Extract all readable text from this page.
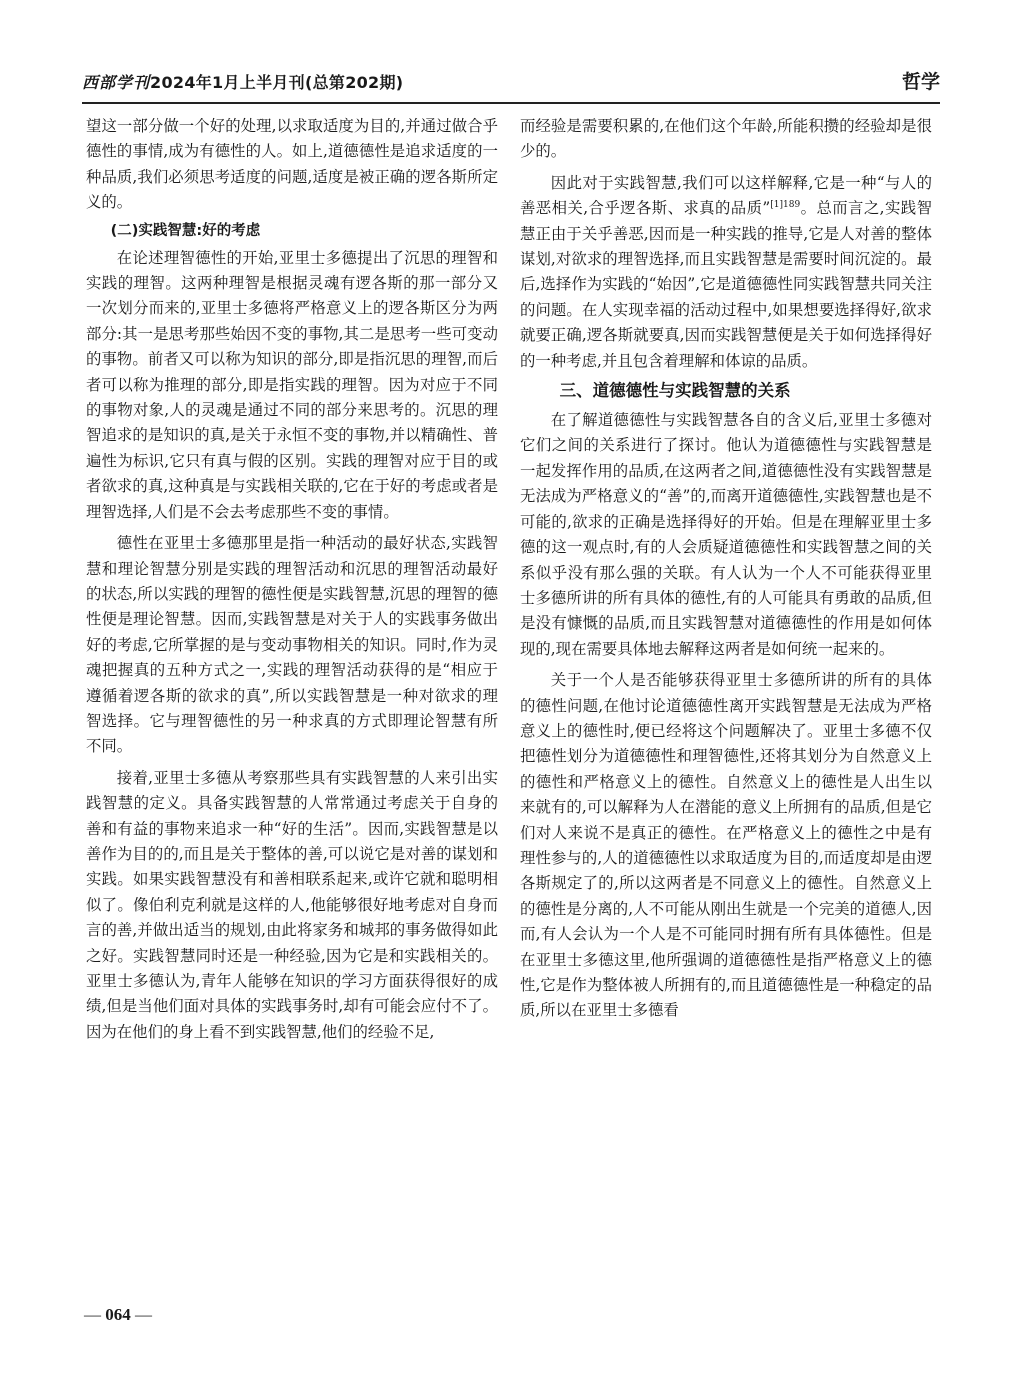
西部学刊2024年1月上半月刊(总第202期)	哲学

望这一部分做一个好的处理,以求取适度为目的,并通过做合乎德性的事情,成为有德性的人。如上,道德德性是追求适度的一种品质,我们必须思考适度的问题,适度是被正确的逻各斯所定义的。

(二)实践智慧:好的考虑

在论述理智德性的开始,亚里士多德提出了沉思的理智和实践的理智。这两种理智是根据灵魂有逻各斯的那一部分又一次划分而来的,亚里士多德将严格意义上的逻各斯区分为两部分:其一是思考那些始因不变的事物,其二是思考一些可变动的事物。前者又可以称为知识的部分,即是指沉思的理智,而后者可以称为推理的部分,即是指实践的理智。因为对应于不同的事物对象,人的灵魂是通过不同的部分来思考的。沉思的理智追求的是知识的真,是关于永恒不变的事物,并以精确性、普遍性为标识,它只有真与假的区别。实践的理智对应于目的或者欲求的真,这种真是与实践相关联的,它在于好的考虑或者是理智选择,人们是不会去考虑那些不变的事情。

德性在亚里士多德那里是指一种活动的最好状态,实践智慧和理论智慧分别是实践的理智活动和沉思的理智活动最好的状态,所以实践的理智的德性便是实践智慧,沉思的理智的德性便是理论智慧。因而,实践智慧是对关于人的实践事务做出好的考虑,它所掌握的是与变动事物相关的知识。同时,作为灵魂把握真的五种方式之一,实践的理智活动获得的是“相应于遵循着逻各斯的欲求的真”,所以实践智慧是一种对欲求的理智选择。它与理智德性的另一种求真的方式即理论智慧有所不同。

接着,亚里士多德从考察那些具有实践智慧的人来引出实践智慧的定义。具备实践智慧的人常常通过考虑关于自身的善和有益的事物来追求一种“好的生活”。因而,实践智慧是以善作为目的的,而且是关于整体的善,可以说它是对善的谋划和实践。如果实践智慧没有和善相联系起来,或许它就和聪明相似了。像伯利克利就是这样的人,他能够很好地考虑对自身而言的善,并做出适当的规划,由此将家务和城邦的事务做得如此之好。实践智慧同时还是一种经验,因为它是和实践相关的。亚里士多德认为,青年人能够在知识的学习方面获得很好的成绩,但是当他们面对具体的实践事务时,却有可能会应付不了。因为在他们的身上看不到实践智慧,他们的经验不足,

而经验是需要积累的,在他们这个年龄,所能积攒的经验却是很少的。

因此对于实践智慧,我们可以这样解释,它是一种“与人的善恶相关,合乎逻各斯、求真的品质”$^{[1]189}$。总而言之,实践智慧正由于关乎善恶,因而是一种实践的推导,它是人对善的整体谋划,对欲求的理智选择,而且实践智慧是需要时间沉淀的。最后,选择作为实践的“始因”,它是道德德性同实践智慧共同关注的问题。在人实现幸福的活动过程中,如果想要选择得好,欲求就要正确,逻各斯就要真,因而实践智慧便是关于如何选择得好的一种考虑,并且包含着理解和体谅的品质。

三、道德德性与实践智慧的关系

在了解道德德性与实践智慧各自的含义后,亚里士多德对它们之间的关系进行了探讨。他认为道德德性与实践智慧是一起发挥作用的品质,在这两者之间,道德德性没有实践智慧是无法成为严格意义的“善”的,而离开道德德性,实践智慧也是不可能的,欲求的正确是选择得好的开始。但是在理解亚里士多德的这一观点时,有的人会质疑道德德性和实践智慧之间的关系似乎没有那么强的关联。有人认为一个人不可能获得亚里士多德所讲的所有具体的德性,有的人可能具有勇敢的品质,但是没有慷慨的品质,而且实践智慧对道德德性的作用是如何体现的,现在需要具体地去解释这两者是如何统一起来的。

关于一个人是否能够获得亚里士多德所讲的所有的具体的德性问题,在他讨论道德德性离开实践智慧是无法成为严格意义上的德性时,便已经将这个问题解决了。亚里士多德不仅把德性划分为道德德性和理智德性,还将其划分为自然意义上的德性和严格意义上的德性。自然意义上的德性是人出生以来就有的,可以解释为人在潜能的意义上所拥有的品质,但是它们对人来说不是真正的德性。在严格意义上的德性之中是有理性参与的,人的道德德性以求取适度为目的,而适度却是由逻各斯规定了的,所以这两者是不同意义上的德性。自然意义上的德性是分离的,人不可能从刚出生就是一个完美的道德人,因而,有人会认为一个人是不可能同时拥有所有具体德性。但是在亚里士多德这里,他所强调的道德德性是指严格意义上的德性,它是作为整体被人所拥有的,而且道德德性是一种稳定的品质,所以在亚里士多德看

— 064 —
